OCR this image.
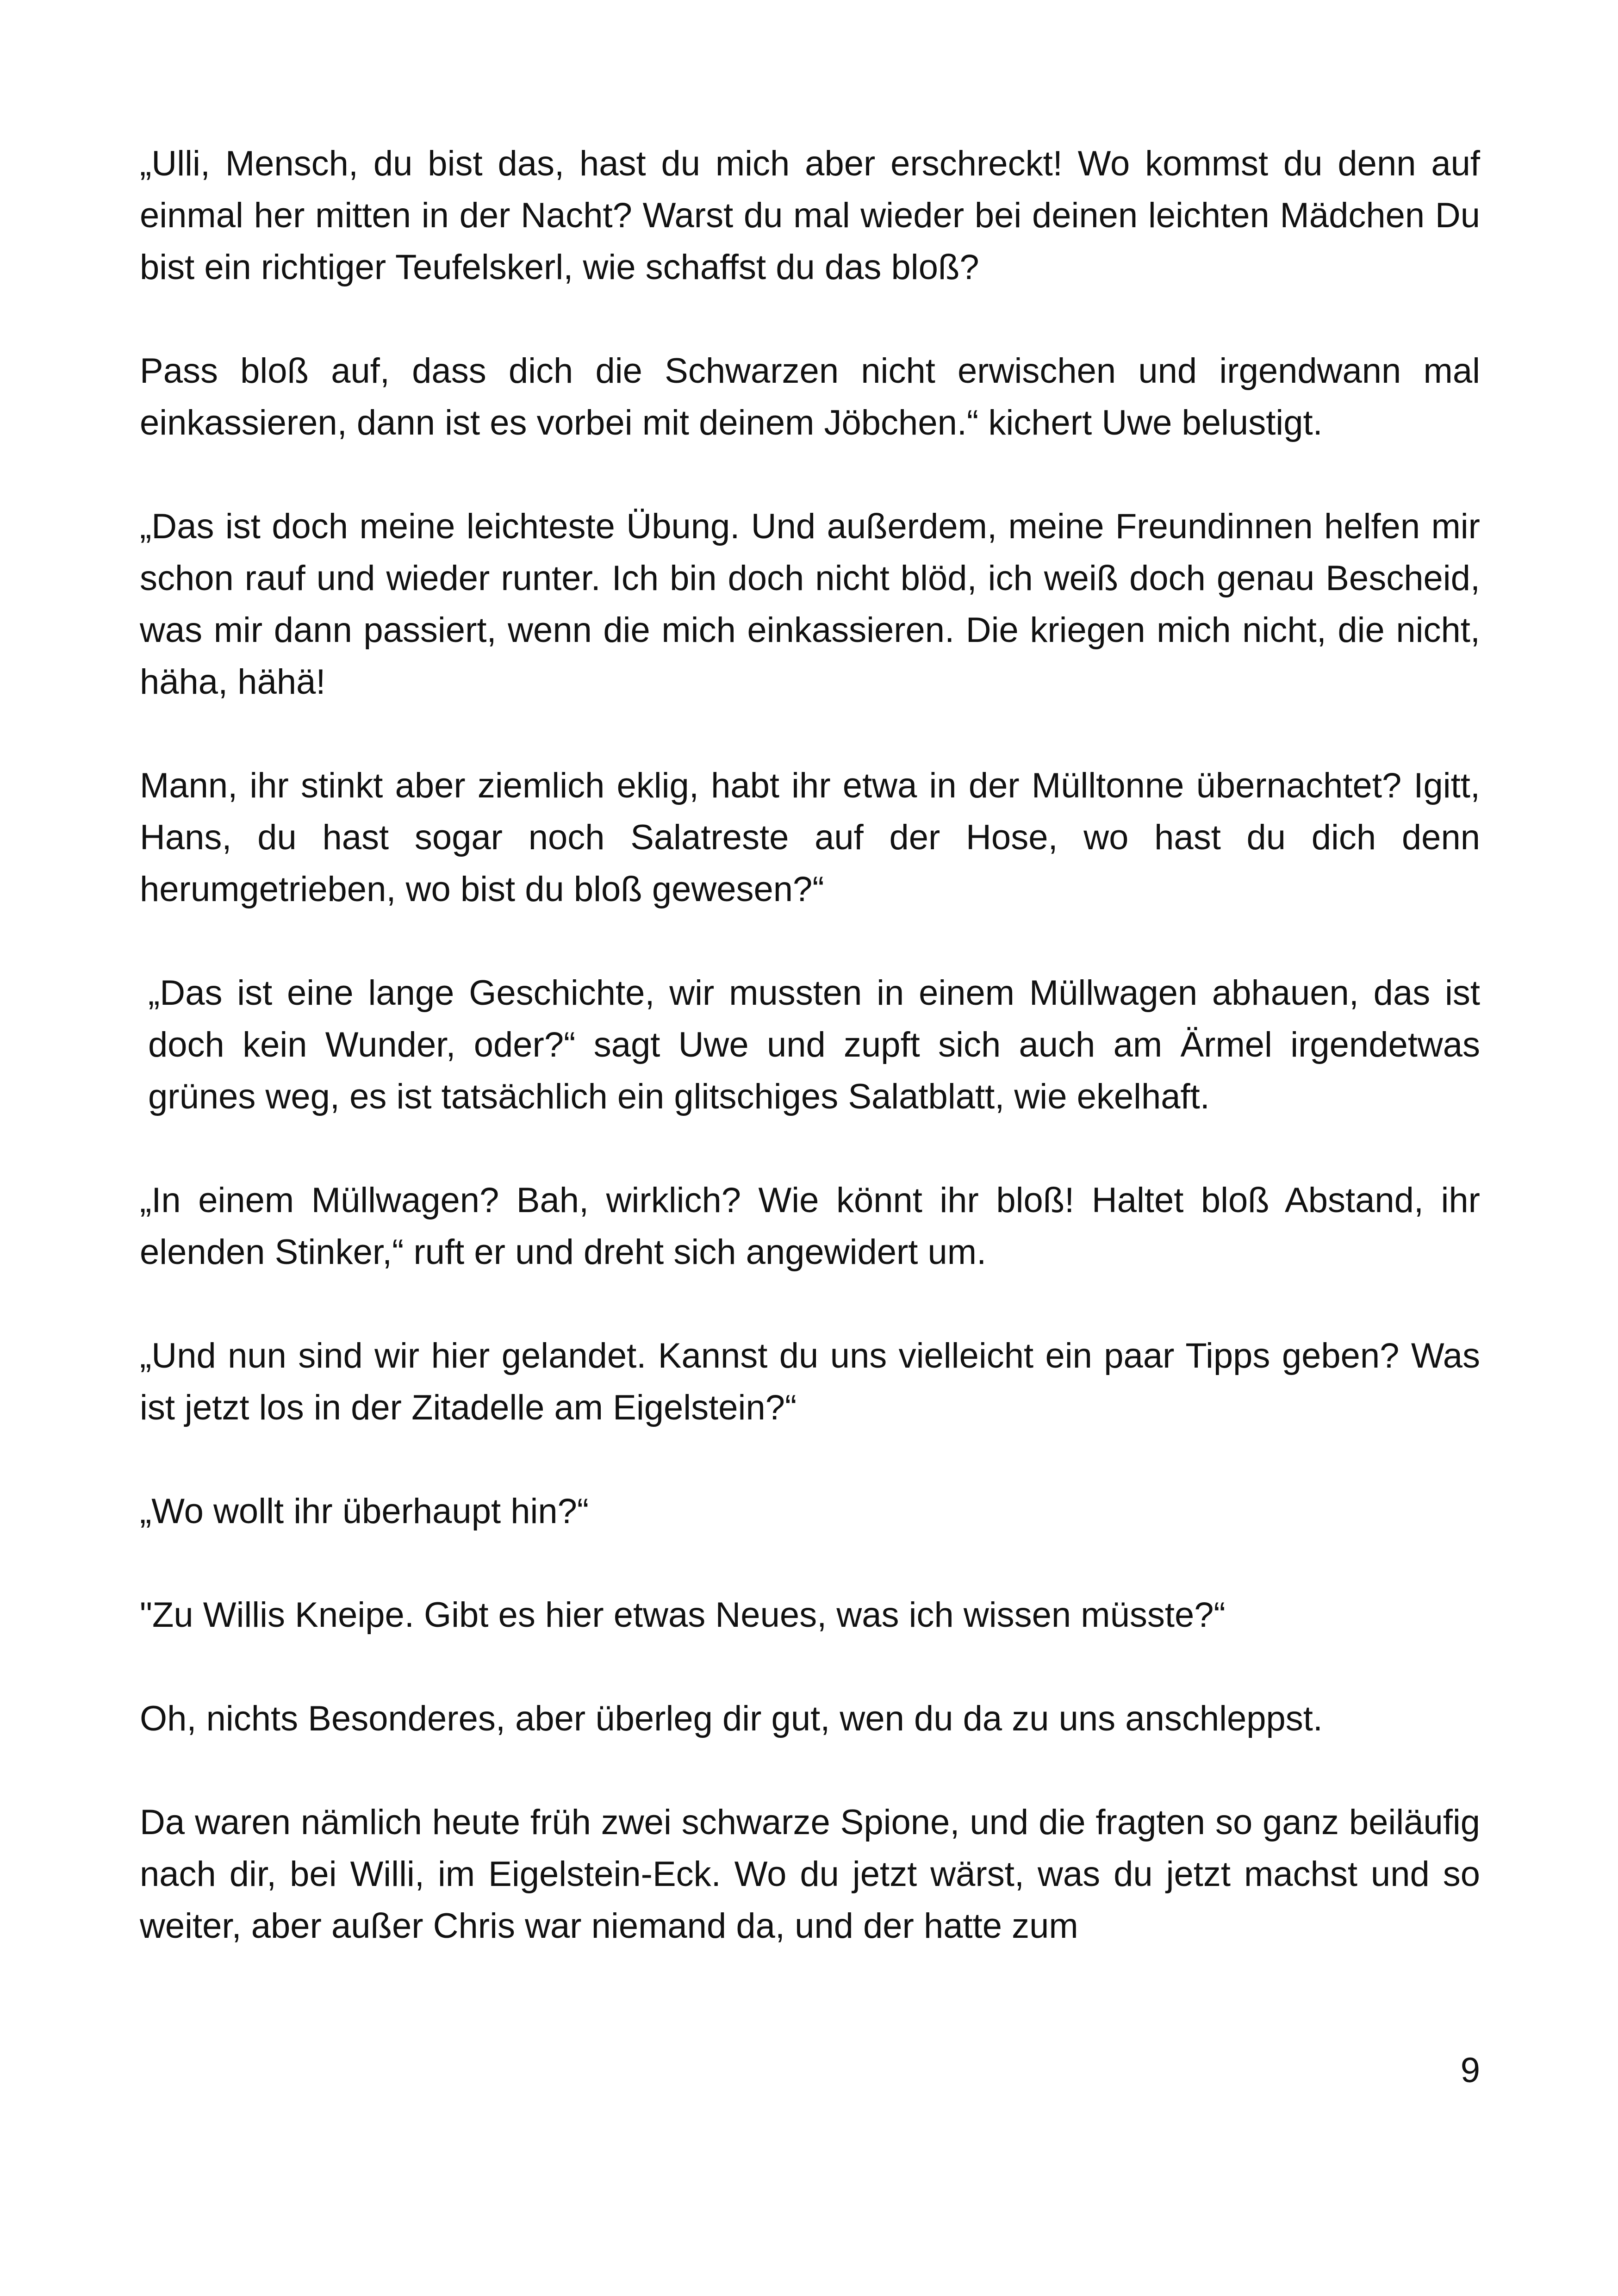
„Ulli, Mensch, du bist das, hast du mich aber erschreckt! Wo kommst du denn auf einmal her mitten in der Nacht? Warst du mal wieder bei deinen leichten Mädchen Du bist ein richtiger Teufelskerl, wie schaffst du das bloß?

Pass bloß auf, dass dich die Schwarzen nicht erwischen und irgendwann mal einkassieren, dann ist es vorbei mit deinem Jöbchen.“ kichert Uwe belustigt.

„Das ist doch meine leichteste Übung. Und außerdem, meine Freundinnen helfen mir schon rauf und wieder runter. Ich bin doch nicht blöd, ich weiß doch genau Bescheid, was mir dann passiert, wenn die mich einkassieren. Die kriegen mich nicht, die nicht, häha, hähä!

Mann, ihr stinkt aber ziemlich eklig, habt ihr etwa in der Mülltonne übernachtet? Igitt, Hans, du hast sogar noch Salatreste auf der Hose, wo hast du dich denn herumgetrieben, wo bist du bloß gewesen?“

„Das ist eine lange Geschichte, wir mussten in einem Müllwagen abhauen, das ist doch kein Wunder, oder?“ sagt Uwe und zupft sich auch am Ärmel irgendetwas grünes weg, es ist tatsächlich ein glitschiges Salatblatt, wie ekelhaft.

„In einem Müllwagen? Bah, wirklich? Wie könnt ihr bloß! Haltet bloß Abstand, ihr elenden Stinker,“ ruft er und dreht sich angewidert um.

„Und nun sind wir hier gelandet. Kannst du uns vielleicht ein paar Tipps geben? Was ist jetzt los in der Zitadelle am Eigelstein?“

„Wo wollt ihr überhaupt hin?“

"Zu Willis Kneipe. Gibt es hier etwas Neues, was ich wissen müsste?“

Oh, nichts Besonderes, aber überleg dir gut, wen du da zu uns anschleppst.

Da waren nämlich heute früh zwei schwarze Spione, und die fragten so ganz beiläufig nach dir, bei Willi, im Eigelstein-Eck. Wo du jetzt wärst, was du jetzt machst und so weiter, aber außer Chris war niemand da, und der hatte zum

9
